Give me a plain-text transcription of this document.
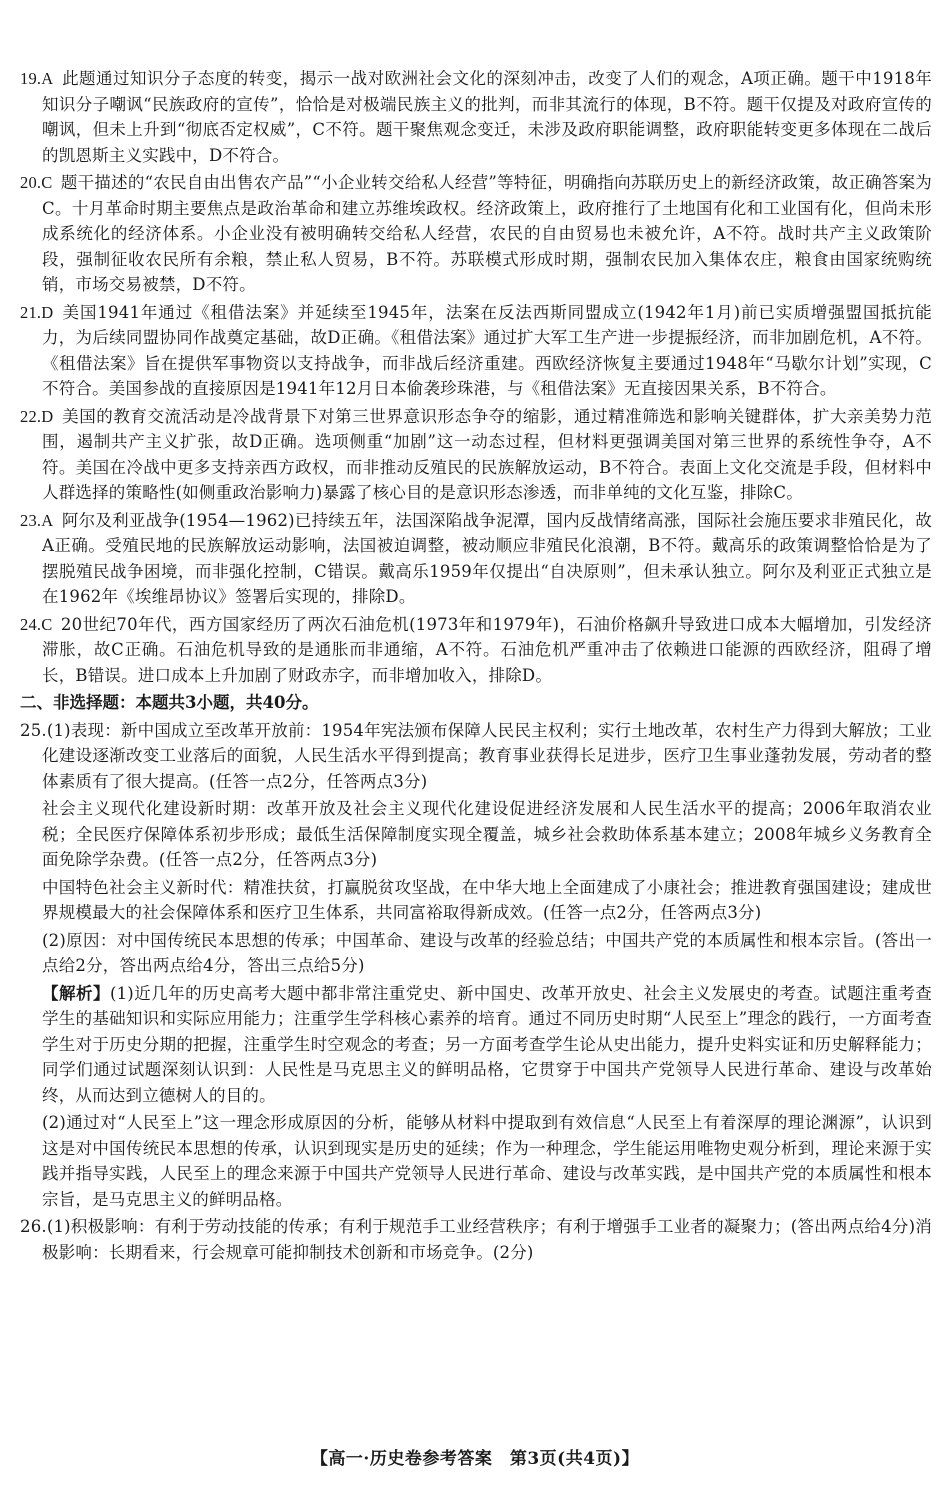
19.A  此题通过知识分子态度的转变，揭示一战对欧洲社会文化的深刻冲击，改变了人们的观念，A项正确。题干中1918年知识分子嘲讽“民族政府的宣传”，恰恰是对极端民族主义的批判，而非其流行的体现，B不符。题干仅提及对政府宣传的嘲讽，但未上升到“彻底否定权威”，C不符。题干聚焦观念变迁，未涉及政府职能调整，政府职能转变更多体现在二战后的凯恩斯主义实践中，D不符合。

20.C  题干描述的“农民自由出售农产品”“小企业转交给私人经营”等特征，明确指向苏联历史上的新经济政策，故正确答案为C。十月革命时期主要焦点是政治革命和建立苏维埃政权。经济政策上，政府推行了土地国有化和工业国有化，但尚未形成系统化的经济体系。小企业没有被明确转交给私人经营，农民的自由贸易也未被允许，A不符。战时共产主义政策阶段，强制征收农民所有余粮，禁止私人贸易，B不符。苏联模式形成时期，强制农民加入集体农庄，粮食由国家统购统销，市场交易被禁，D不符。

21.D  美国1941年通过《租借法案》并延续至1945年，法案在反法西斯同盟成立(1942年1月)前已实质增强盟国抵抗能力，为后续同盟协同作战奠定基础，故D正确。《租借法案》通过扩大军工生产进一步提振经济，而非加剧危机，A不符。《租借法案》旨在提供军事物资以支持战争，而非战后经济重建。西欧经济恢复主要通过1948年“马歇尔计划”实现，C不符合。美国参战的直接原因是1941年12月日本偷袭珍珠港，与《租借法案》无直接因果关系，B不符合。

22.D  美国的教育交流活动是冷战背景下对第三世界意识形态争夺的缩影，通过精准筛选和影响关键群体，扩大亲美势力范围，遏制共产主义扩张，故D正确。选项侧重“加剧”这一动态过程，但材料更强调美国对第三世界的系统性争夺，A不符。美国在冷战中更多支持亲西方政权，而非推动反殖民的民族解放运动，B不符合。表面上文化交流是手段，但材料中人群选择的策略性(如侧重政治影响力)暴露了核心目的是意识形态渗透，而非单纯的文化互鉴，排除C。

23.A  阿尔及利亚战争(1954—1962)已持续五年，法国深陷战争泥潭，国内反战情绪高涨，国际社会施压要求非殖民化，故A正确。受殖民地的民族解放运动影响，法国被迫调整，被动顺应非殖民化浪潮，B不符。戴高乐的政策调整恰恰是为了摆脱殖民战争困境，而非强化控制，C错误。戴高乐1959年仅提出“自决原则”，但未承认独立。阿尔及利亚正式独立是在1962年《埃维昂协议》签署后实现的，排除D。

24.C  20世纪70年代，西方国家经历了两次石油危机(1973年和1979年)，石油价格飙升导致进口成本大幅增加，引发经济滞胀，故C正确。石油危机导致的是通胀而非通缩，A不符。石油危机严重冲击了依赖进口能源的西欧经济，阻碍了增长，B错误。进口成本上升加剧了财政赤字，而非增加收入，排除D。

二、非选择题：本题共3小题，共40分。

25.(1)表现：新中国成立至改革开放前：1954年宪法颁布保障人民民主权利；实行土地改革，农村生产力得到大解放；工业化建设逐渐改变工业落后的面貌，人民生活水平得到提高；教育事业获得长足进步，医疗卫生事业蓬勃发展，劳动者的整体素质有了很大提高。(任答一点2分，任答两点3分)

社会主义现代化建设新时期：改革开放及社会主义现代化建设促进经济发展和人民生活水平的提高；2006年取消农业税；全民医疗保障体系初步形成；最低生活保障制度实现全覆盖，城乡社会救助体系基本建立；2008年城乡义务教育全面免除学杂费。(任答一点2分，任答两点3分)

中国特色社会主义新时代：精准扶贫，打赢脱贫攻坚战，在中华大地上全面建成了小康社会；推进教育强国建设；建成世界规模最大的社会保障体系和医疗卫生体系，共同富裕取得新成效。(任答一点2分，任答两点3分)

(2)原因：对中国传统民本思想的传承；中国革命、建设与改革的经验总结；中国共产党的本质属性和根本宗旨。(答出一点给2分，答出两点给4分，答出三点给5分)

【解析】(1)近几年的历史高考大题中都非常注重党史、新中国史、改革开放史、社会主义发展史的考查。试题注重考查学生的基础知识和实际应用能力；注重学生学科核心素养的培育。通过不同历史时期“人民至上”理念的践行，一方面考查学生对于历史分期的把握，注重学生时空观念的考查；另一方面考查学生论从史出能力，提升史料实证和历史解释能力；同学们通过试题深刻认识到：人民性是马克思主义的鲜明品格，它贯穿于中国共产党领导人民进行革命、建设与改革始终，从而达到立德树人的目的。

(2)通过对“人民至上”这一理念形成原因的分析，能够从材料中提取到有效信息“人民至上有着深厚的理论渊源”，认识到这是对中国传统民本思想的传承，认识到现实是历史的延续；作为一种理念，学生能运用唯物史观分析到，理论来源于实践并指导实践，人民至上的理念来源于中国共产党领导人民进行革命、建设与改革实践，是中国共产党的本质属性和根本宗旨，是马克思主义的鲜明品格。

26.(1)积极影响：有利于劳动技能的传承；有利于规范手工业经营秩序；有利于增强手工业者的凝聚力；(答出两点给4分)消极影响：长期看来，行会规章可能抑制技术创新和市场竞争。(2分)

【高一·历史卷参考答案　第3页(共4页)】
